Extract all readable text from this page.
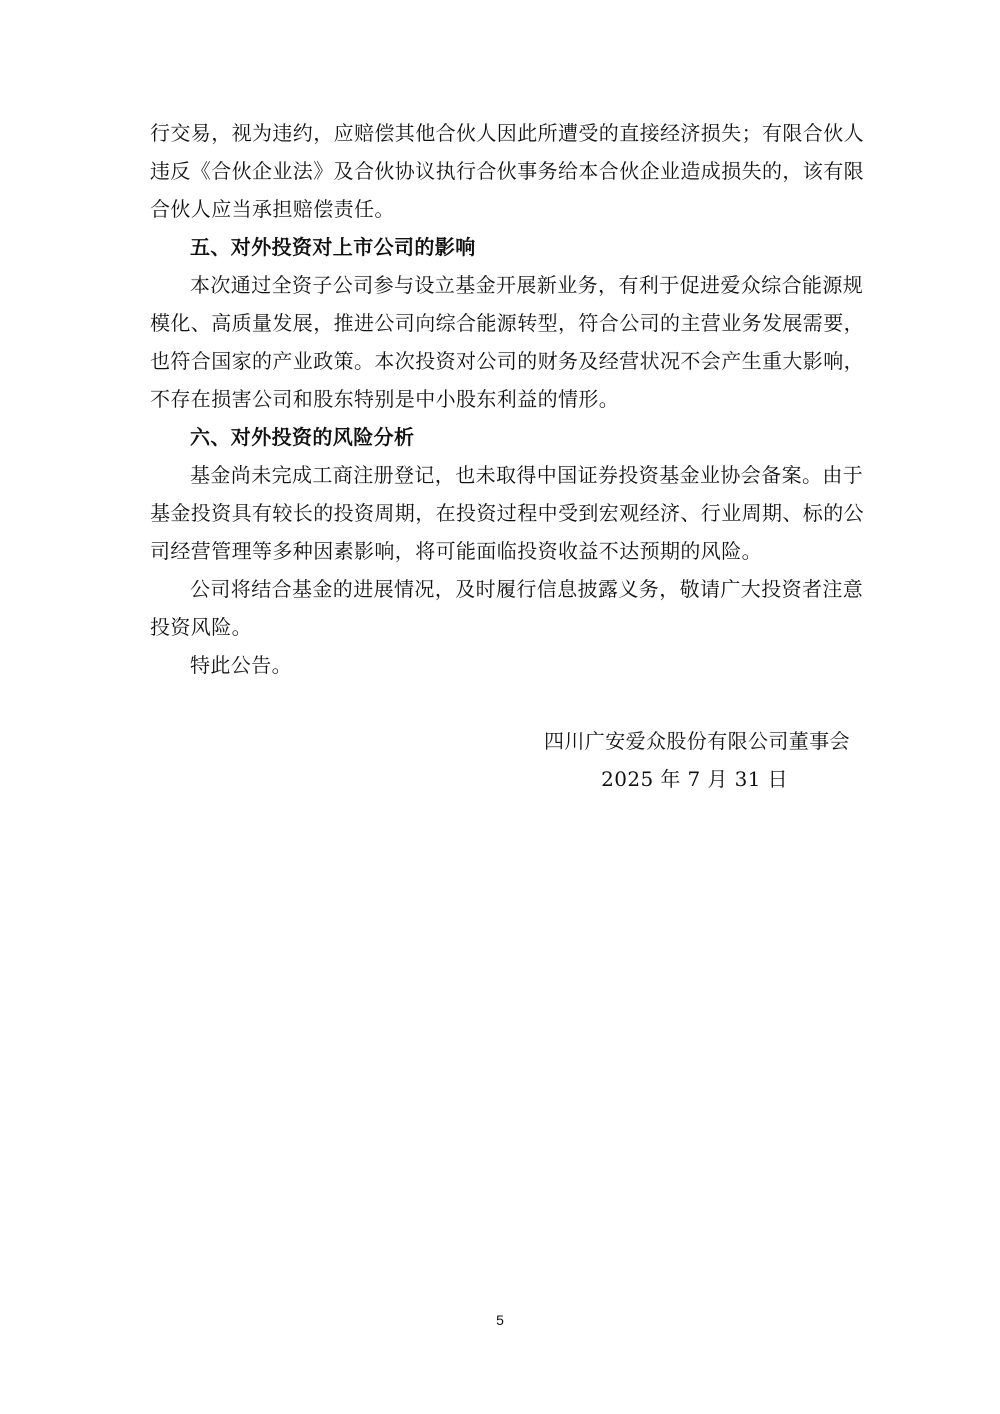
行交易，视为违约，应赔偿其他合伙人因此所遭受的直接经济损失；有限合伙人
违反《合伙企业法》及合伙协议执行合伙事务给本合伙企业造成损失的，该有限
合伙人应当承担赔偿责任。
五、对外投资对上市公司的影响
本次通过全资子公司参与设立基金开展新业务，有利于促进爱众综合能源规
模化、高质量发展，推进公司向综合能源转型，符合公司的主营业务发展需要，
也符合国家的产业政策。本次投资对公司的财务及经营状况不会产生重大影响，
不存在损害公司和股东特别是中小股东利益的情形。
六、对外投资的风险分析
基金尚未完成工商注册登记，也未取得中国证券投资基金业协会备案。由于
基金投资具有较长的投资周期，在投资过程中受到宏观经济、行业周期、标的公
司经营管理等多种因素影响，将可能面临投资收益不达预期的风险。
公司将结合基金的进展情况，及时履行信息披露义务，敬请广大投资者注意
投资风险。
特此公告。
四川广安爱众股份有限公司董事会
2025 年 7 月 31 日
5
